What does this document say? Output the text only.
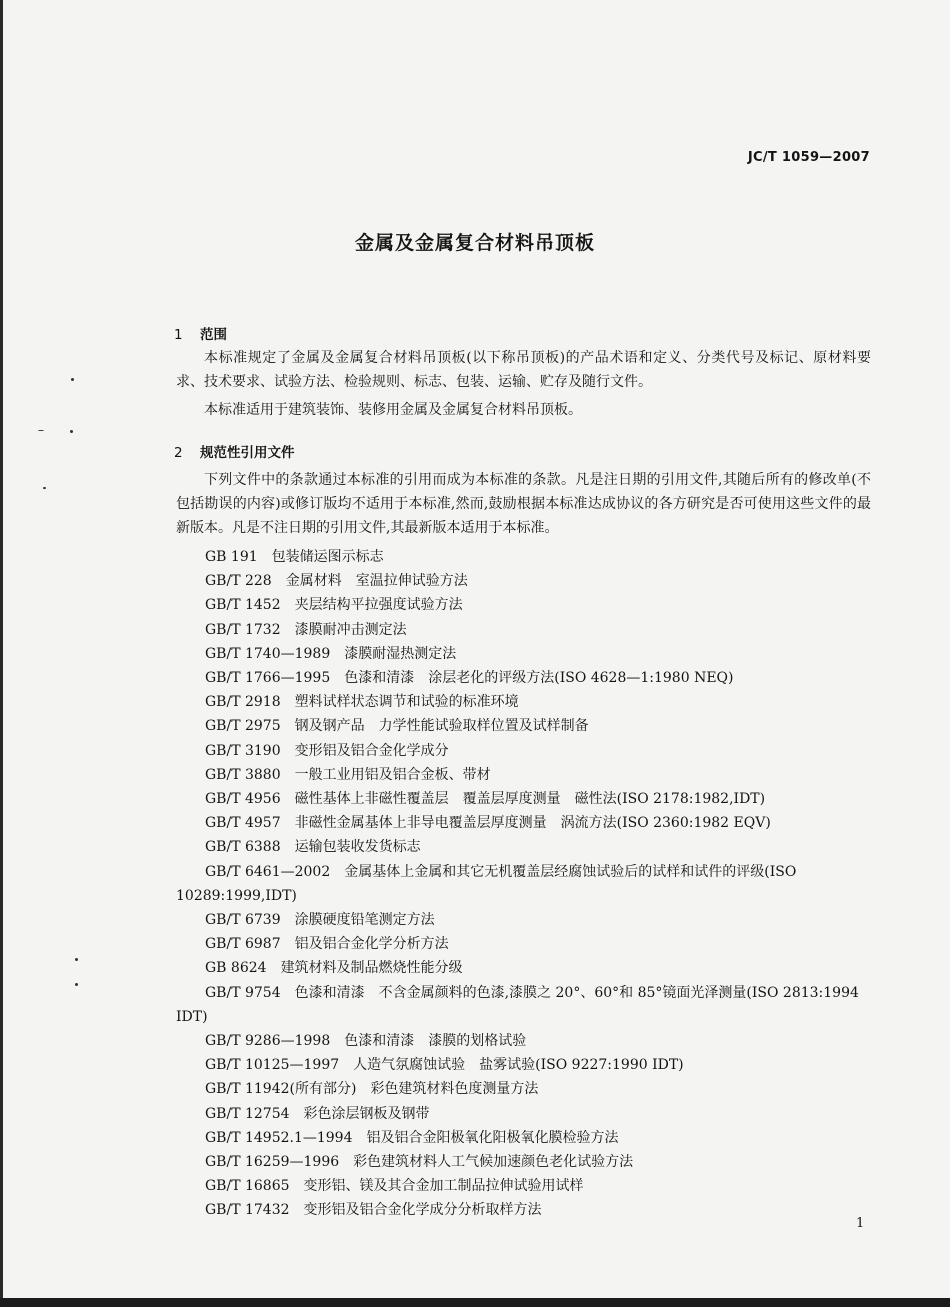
JC/T 1059—2007
金属及金属复合材料吊顶板
1 范围

本标准规定了金属及金属复合材料吊顶板(以下称吊顶板)的产品术语和定义、分类代号及标记、原材料要求、技术要求、试验方法、检验规则、标志、包装、运输、贮存及随行文件。

本标准适用于建筑装饰、装修用金属及金属复合材料吊顶板。

2 规范性引用文件

下列文件中的条款通过本标准的引用而成为本标准的条款。凡是注日期的引用文件,其随后所有的修改单(不包括勘误的内容)或修订版均不适用于本标准,然而,鼓励根据本标准达成协议的各方研究是否可使用这些文件的最新版本。凡是不注日期的引用文件,其最新版本适用于本标准。

GB 191 包装储运图示标志
GB/T 228 金属材料　室温拉伸试验方法
GB/T 1452 夹层结构平拉强度试验方法
GB/T 1732 漆膜耐冲击测定法
GB/T 1740—1989 漆膜耐湿热测定法
GB/T 1766—1995 色漆和清漆　涂层老化的评级方法(ISO 4628—1:1980 NEQ)
GB/T 2918 塑料试样状态调节和试验的标准环境
GB/T 2975 钢及钢产品　力学性能试验取样位置及试样制备
GB/T 3190 变形铝及铝合金化学成分
GB/T 3880 一般工业用铝及铝合金板、带材
GB/T 4956 磁性基体上非磁性覆盖层　覆盖层厚度测量　磁性法(ISO 2178:1982,IDT)
GB/T 4957 非磁性金属基体上非导电覆盖层厚度测量　涡流方法(ISO 2360:1982 EQV)
GB/T 6388 运输包装收发货标志
GB/T 6461—2002 金属基体上金属和其它无机覆盖层经腐蚀试验后的试样和试件的评级(ISO 10289:1999,IDT)
GB/T 6739 涂膜硬度铅笔测定方法
GB/T 6987 铝及铝合金化学分析方法
GB 8624 建筑材料及制品燃烧性能分级
GB/T 9754 色漆和清漆　不含金属颜料的色漆,漆膜之 20°、60°和 85°镜面光泽测量(ISO 2813:1994 IDT)
GB/T 9286—1998 色漆和清漆　漆膜的划格试验
GB/T 10125—1997 人造气氛腐蚀试验　盐雾试验(ISO 9227:1990 IDT)
GB/T 11942(所有部分) 彩色建筑材料色度测量方法
GB/T 12754 彩色涂层钢板及钢带
GB/T 14952.1—1994 铝及铝合金阳极氧化阳极氧化膜检验方法
GB/T 16259—1996 彩色建筑材料人工气候加速颜色老化试验方法
GB/T 16865 变形铝、镁及其合金加工制品拉伸试验用试样
GB/T 17432 变形铝及铝合金化学成分分析取样方法
1
